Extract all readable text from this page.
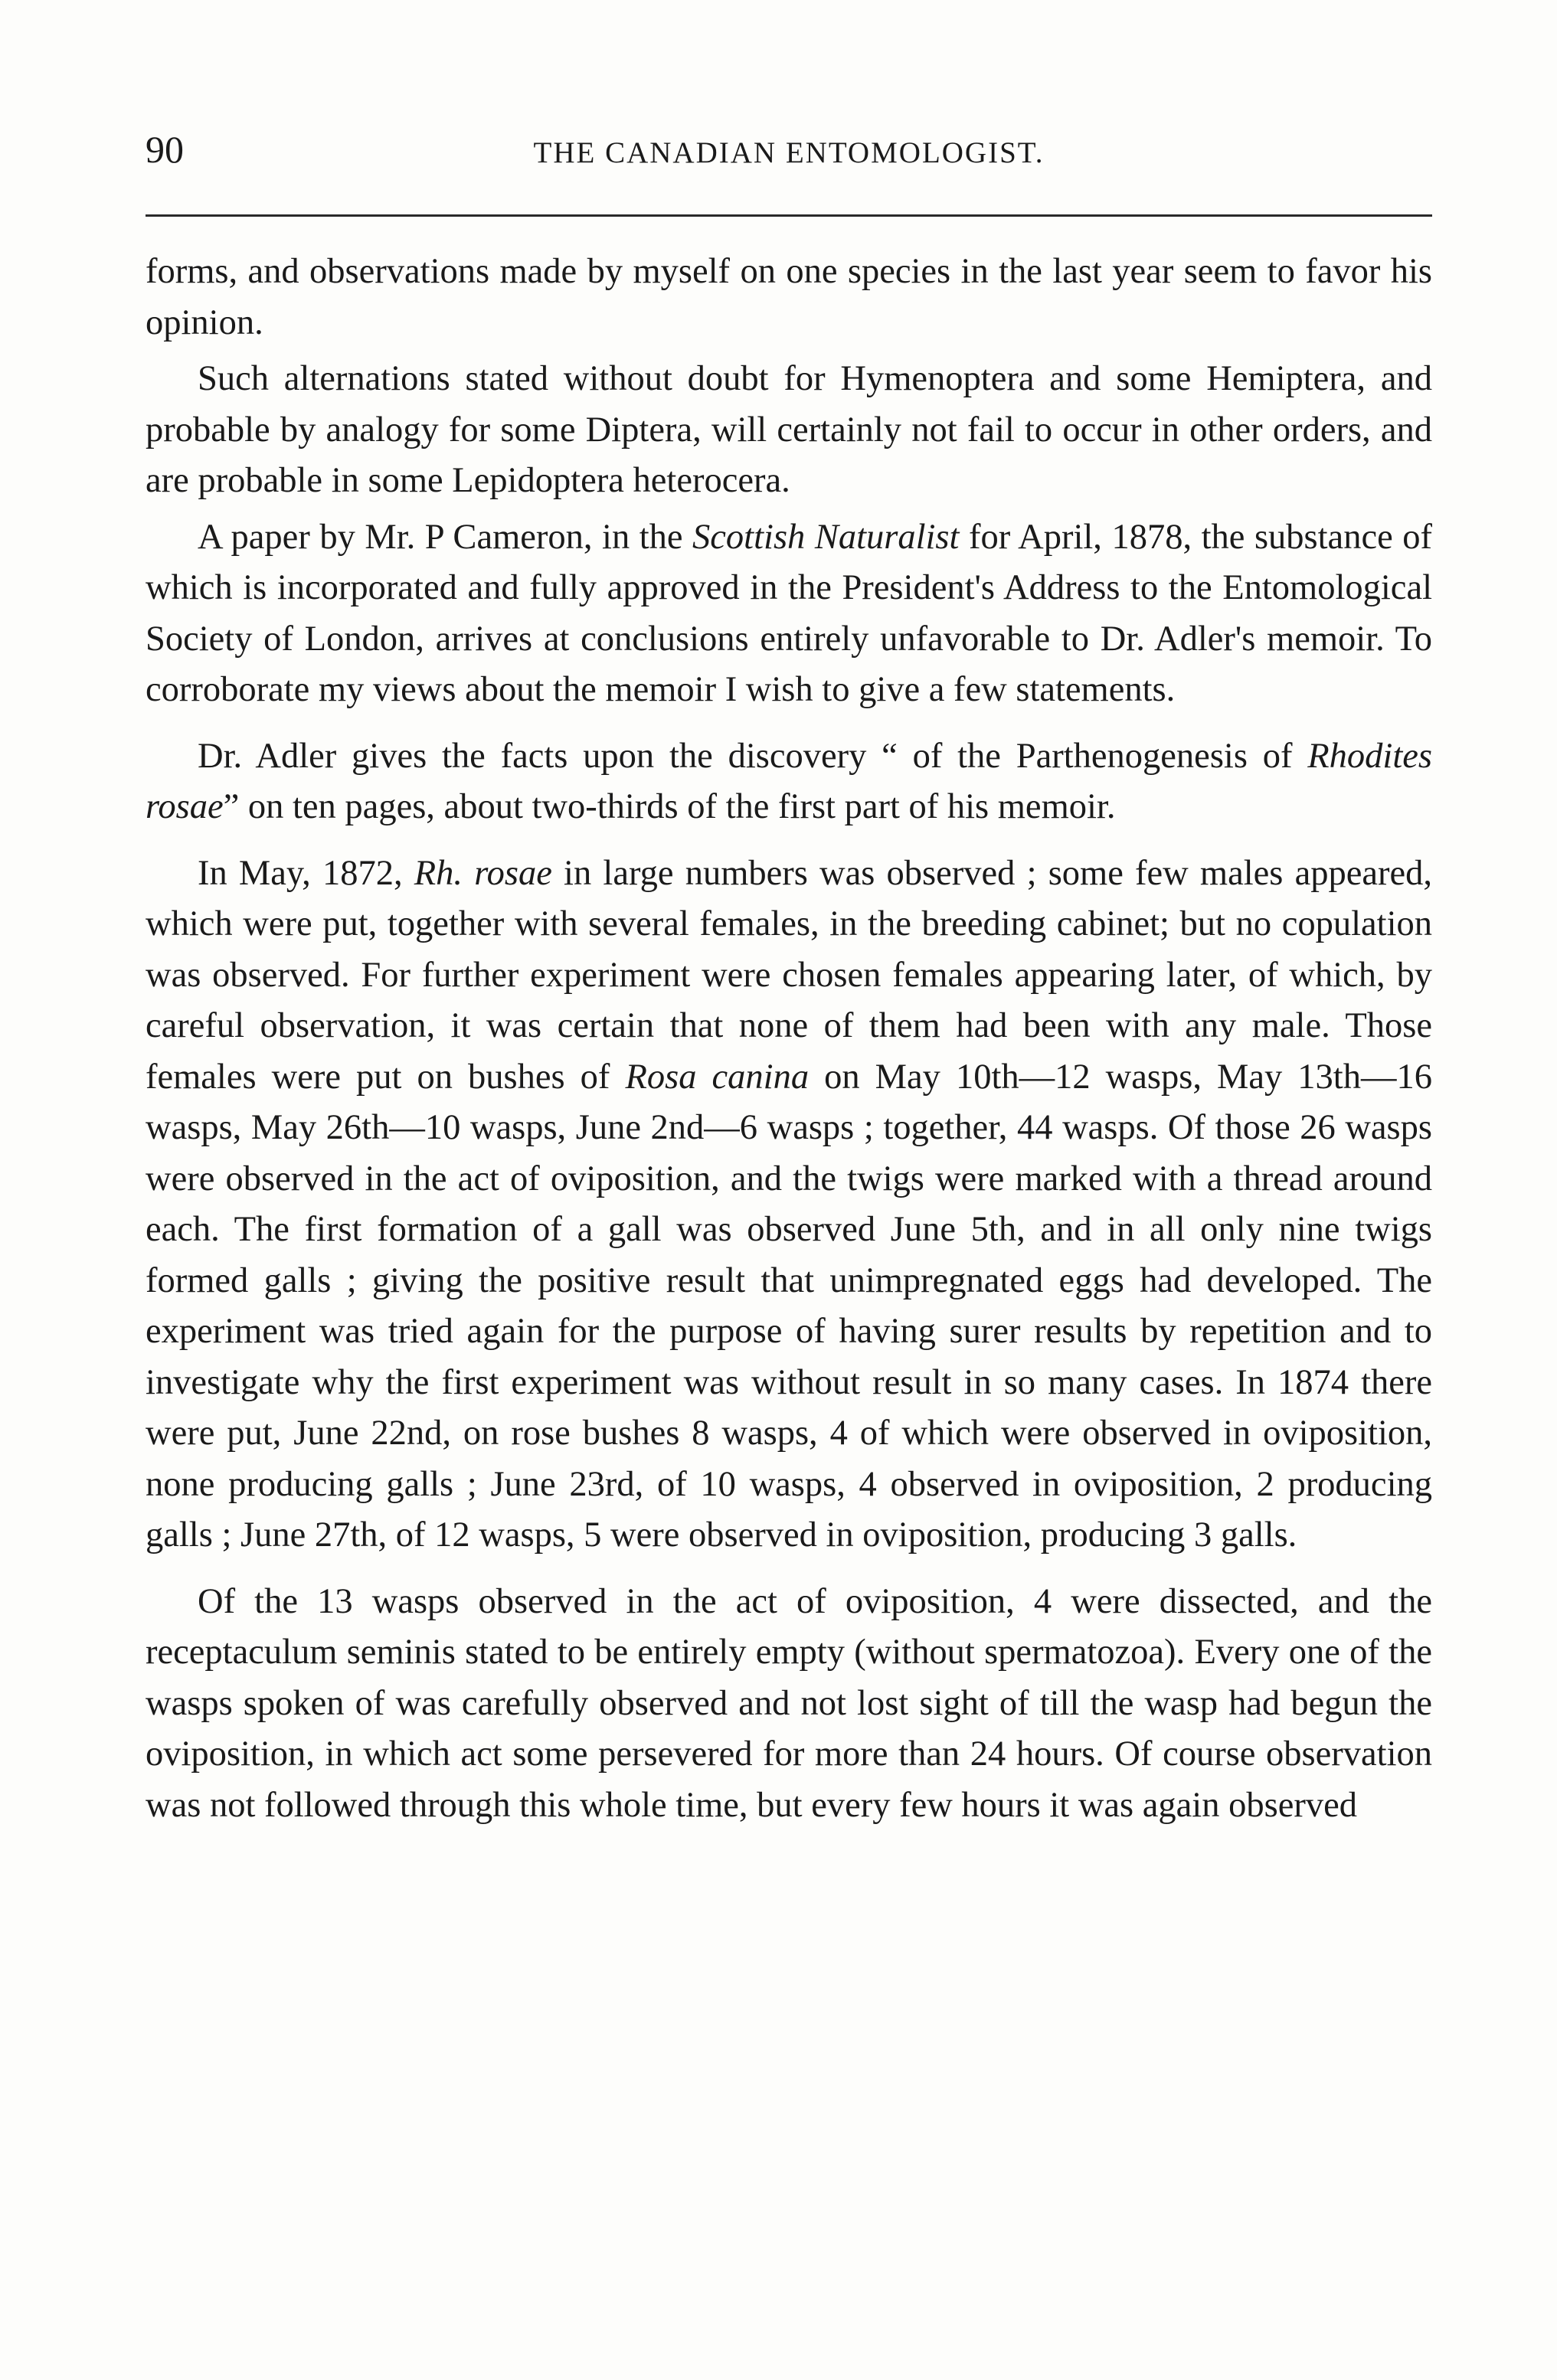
90	THE CANADIAN ENTOMOLOGIST.

forms, and observations made by myself on one species in the last year seem to favor his opinion.

Such alternations stated without doubt for Hymenoptera and some Hemiptera, and probable by analogy for some Diptera, will certainly not fail to occur in other orders, and are probable in some Lepidoptera heterocera.

A paper by Mr. P Cameron, in the Scottish Naturalist for April, 1878, the substance of which is incorporated and fully approved in the President's Address to the Entomological Society of London, arrives at conclusions entirely unfavorable to Dr. Adler's memoir. To corroborate my views about the memoir I wish to give a few statements.

Dr. Adler gives the facts upon the discovery “ of the Parthenogenesis of Rhodites rosae” on ten pages, about two-thirds of the first part of his memoir.

In May, 1872, Rh. rosae in large numbers was observed ; some few males appeared, which were put, together with several females, in the breeding cabinet; but no copulation was observed. For further experiment were chosen females appearing later, of which, by careful observation, it was certain that none of them had been with any male. Those females were put on bushes of Rosa canina on May 10th—12 wasps, May 13th—16 wasps, May 26th—10 wasps, June 2nd—6 wasps ; together, 44 wasps. Of those 26 wasps were observed in the act of oviposition, and the twigs were marked with a thread around each. The first formation of a gall was observed June 5th, and in all only nine twigs formed galls ; giving the positive result that unimpregnated eggs had developed. The experiment was tried again for the purpose of having surer results by repetition and to investigate why the first experiment was without result in so many cases. In 1874 there were put, June 22nd, on rose bushes 8 wasps, 4 of which were observed in oviposition, none producing galls ; June 23rd, of 10 wasps, 4 observed in oviposition, 2 producing galls ; June 27th, of 12 wasps, 5 were observed in oviposition, producing 3 galls.

Of the 13 wasps observed in the act of oviposition, 4 were dissected, and the receptaculum seminis stated to be entirely empty (without spermatozoa). Every one of the wasps spoken of was carefully observed and not lost sight of till the wasp had begun the oviposition, in which act some persevered for more than 24 hours. Of course observation was not followed through this whole time, but every few hours it was again observed
